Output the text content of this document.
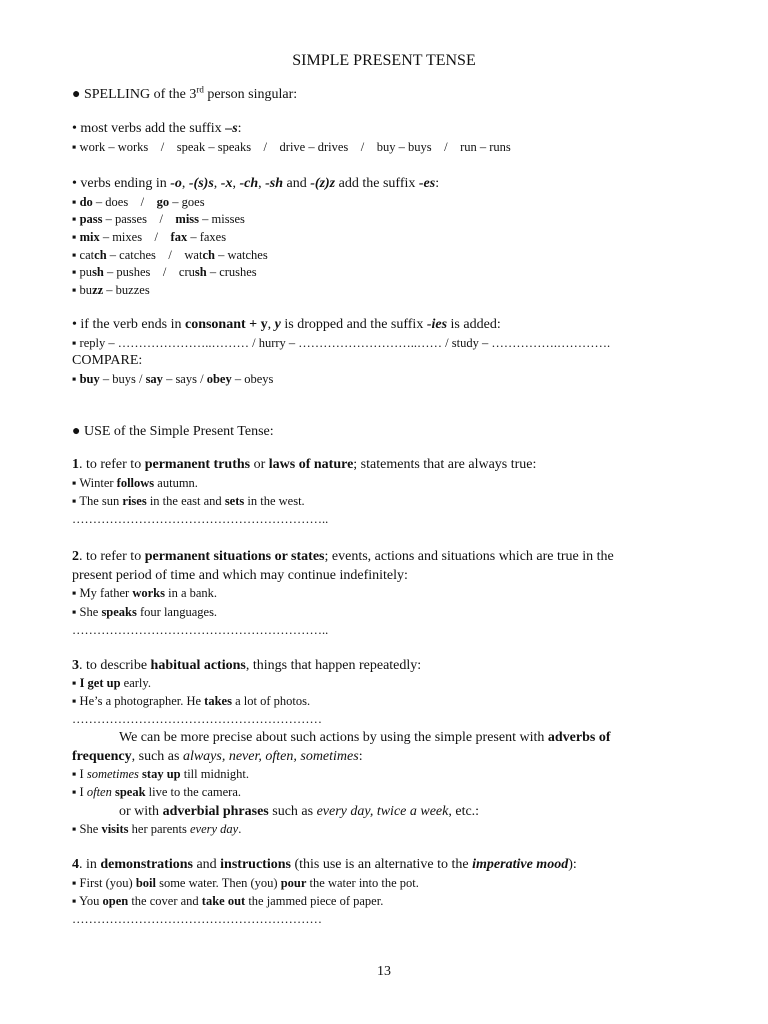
SIMPLE PRESENT TENSE
● SPELLING of the 3rd person singular:
• most verbs add the suffix –s:
▪ work – works    /    speak – speaks    /    drive – drives    /    buy – buys    /    run – runs
• verbs ending in -o, -(s)s, -x, -ch, -sh and -(z)z add the suffix -es:
▪ do – does    /    go – goes
▪ pass – passes    /    miss – misses
▪ mix – mixes    /    fax – faxes
▪ catch – catches    /    watch – watches
▪ push – pushes    /    crush – crushes
▪ buzz – buzzes
• if the verb ends in consonant + y, y is dropped and the suffix -ies is added:
▪ reply – …………………..……… / hurry – ………………………..…… / study – …………….………….
COMPARE:
▪ buy – buys / say – says / obey – obeys
● USE of the Simple Present Tense:
1. to refer to permanent truths or laws of nature; statements that are always true:
▪ Winter follows autumn.
▪ The sun rises in the east and sets in the west.
……………………………………………………..
2. to refer to permanent situations or states; events, actions and situations which are true in the
present period of time and which may continue indefinitely:
▪ My father works in a bank.
▪ She speaks four languages.
……………………………………………………..
3. to describe habitual actions, things that happen repeatedly:
▪ I get up early.
▪ He’s a photographer. He takes a lot of photos.
……………………………………………………
We can be more precise about such actions by using the simple present with adverbs of
frequency, such as always, never, often, sometimes:
▪ I sometimes stay up till midnight.
▪ I often speak live to the camera.
or with adverbial phrases such as every day, twice a week, etc.:
▪ She visits her parents every day.
4. in demonstrations and instructions (this use is an alternative to the imperative mood):
▪ First (you) boil some water. Then (you) pour the water into the pot.
▪ You open the cover and take out the jammed piece of paper.
……………………………………………………
13
